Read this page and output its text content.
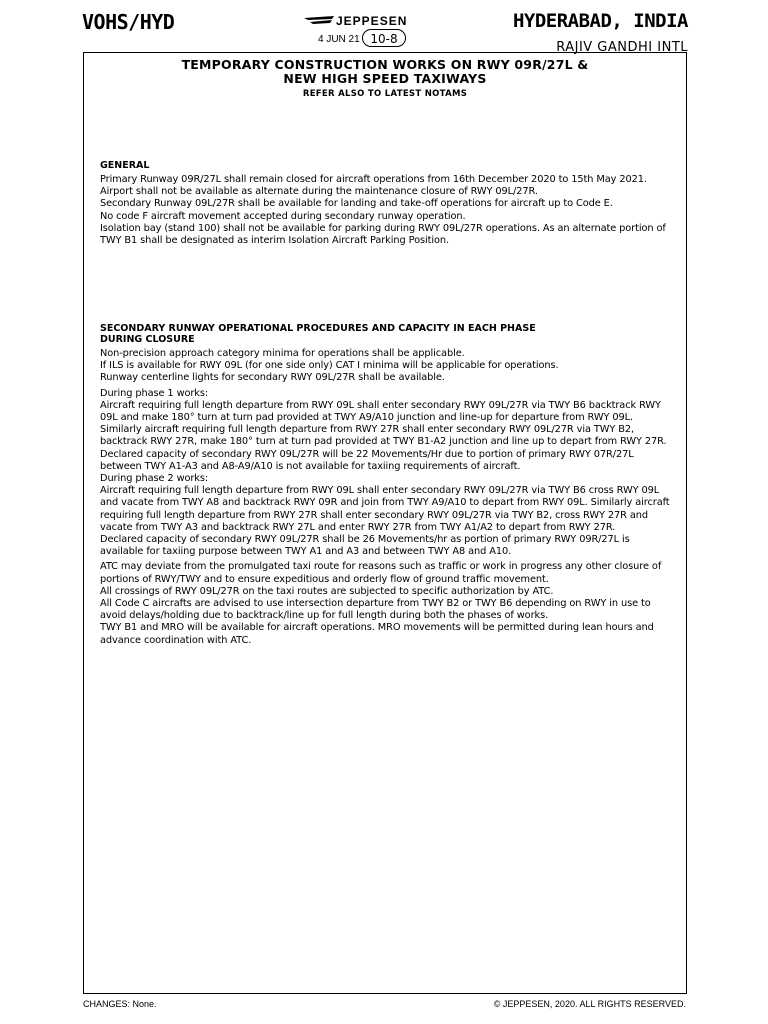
VOHS/HYD	JEPPESEN
4 JUN 21 10-8
HYDERABAD, INDIA
RAJIV GANDHI INTL
TEMPORARY CONSTRUCTION WORKS ON RWY 09R/27L &
NEW HIGH SPEED TAXIWAYS
REFER ALSO TO LATEST NOTAMS
GENERAL

Primary Runway 09R/27L shall remain closed for aircraft operations from 16th December 2020 to 15th May 2021.

Airport shall not be available as alternate during the maintenance closure of RWY 09L/27R.

Secondary Runway 09L/27R shall be available for landing and take-off operations for aircraft up to Code E.

No code F aircraft movement accepted during secondary runway operation.

Isolation bay (stand 100) shall not be available for parking during RWY 09L/27R operations. As an alternate portion of TWY B1 shall be designated as interim Isolation Aircraft Parking Position.

SECONDARY RUNWAY OPERATIONAL PROCEDURES AND CAPACITY IN EACH PHASE
DURING CLOSURE

Non-precision approach category minima for operations shall be applicable.

If ILS is available for RWY 09L (for one side only) CAT I minima will be applicable for operations.

Runway centerline lights for secondary RWY 09L/27R shall be available.

During phase 1 works:

Aircraft requiring full length departure from RWY 09L shall enter secondary RWY 09L/27R via TWY B6 backtrack RWY 09L and make 180° turn at turn pad provided at TWY A9/A10 junction and line-up for departure from RWY 09L. Similarly aircraft requiring full length departure from RWY 27R shall enter secondary RWY 09L/27R via TWY B2, backtrack RWY 27R, make 180° turn at turn pad provided at TWY B1-A2 junction and line up to depart from RWY 27R.

Declared capacity of secondary RWY 09L/27R will be 22 Movements/Hr due to portion of primary RWY 07R/27L between TWY A1-A3 and A8-A9/A10 is not available for taxiing requirements of aircraft.

During phase 2 works:

Aircraft requiring full length departure from RWY 09L shall enter secondary RWY 09L/27R via TWY B6 cross RWY 09L and vacate from TWY A8 and backtrack RWY 09R and join from TWY A9/A10 to depart from RWY 09L. Similarly aircraft requiring full length departure from RWY 27R shall enter secondary RWY 09L/27R via TWY B2, cross RWY 27R and vacate from TWY A3 and backtrack RWY 27L and enter RWY 27R from TWY A1/A2 to depart from RWY 27R.

Declared capacity of secondary RWY 09L/27R shall be 26 Movements/hr as portion of primary RWY 09R/27L is available for taxiing purpose between TWY A1 and A3 and between TWY A8 and A10.

ATC may deviate from the promulgated taxi route for reasons such as traffic or work in progress any other closure of portions of RWY/TWY and to ensure expeditious and orderly flow of ground traffic movement.

All crossings of RWY 09L/27R on the taxi routes are subjected to specific authorization by ATC.

All Code C aircrafts are advised to use intersection departure from TWY B2 or TWY B6 depending on RWY in use to avoid delays/holding due to backtrack/line up for full length during both the phases of works.

TWY B1 and MRO will be available for aircraft operations. MRO movements will be permitted during lean hours and advance coordination with ATC.

CHANGES: None.	© JEPPESEN, 2020. ALL RIGHTS RESERVED.
